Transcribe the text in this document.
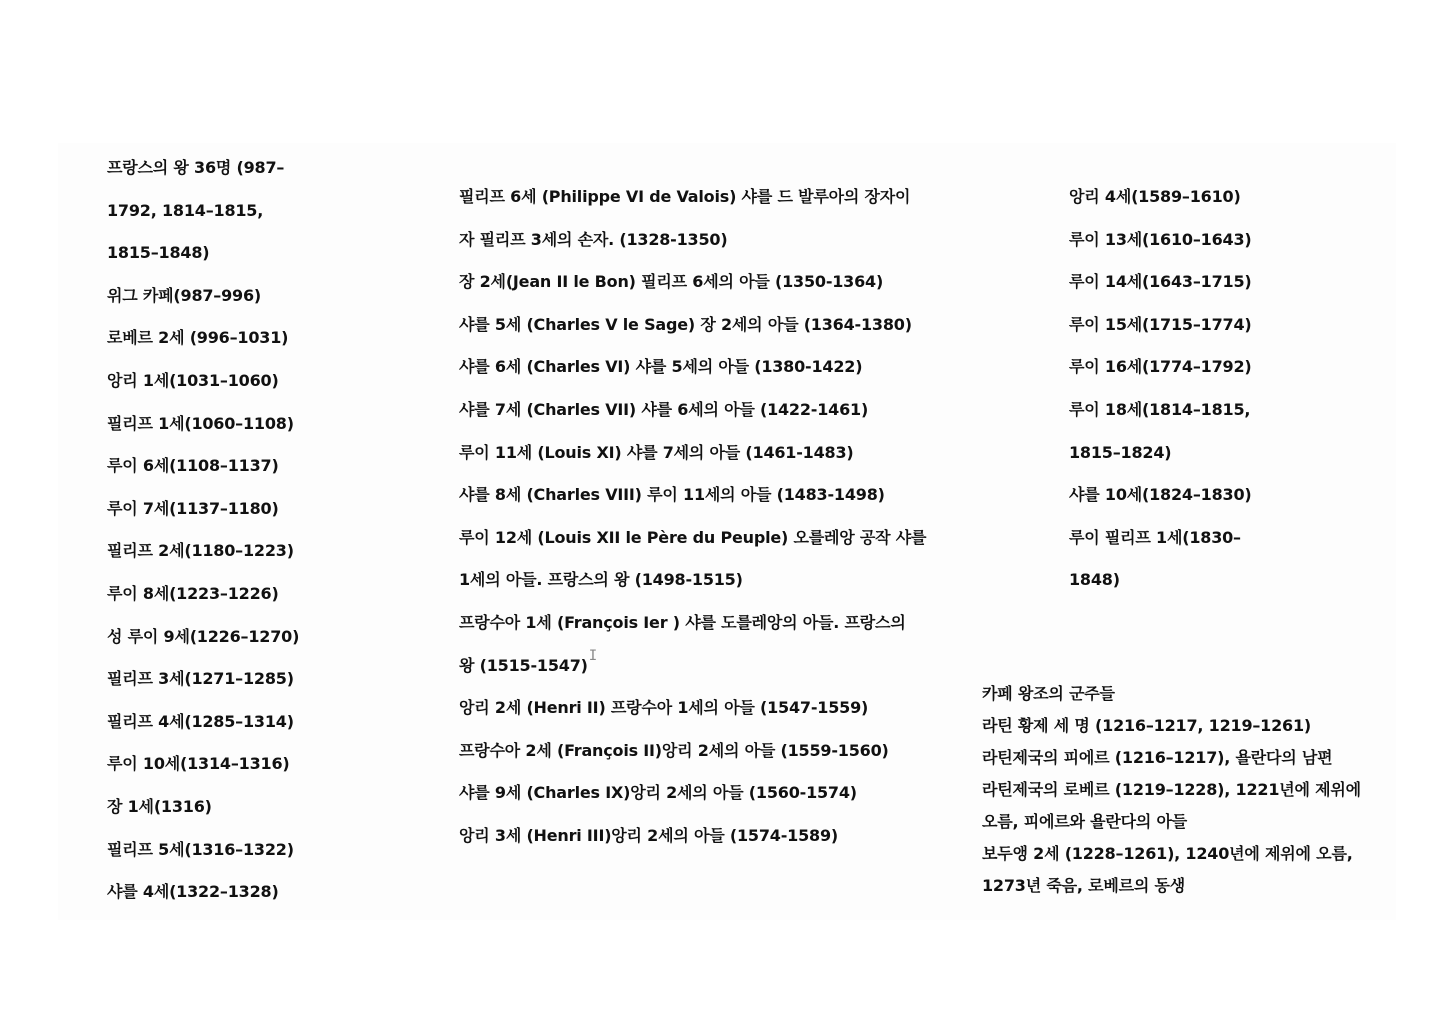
프랑스의 왕 36명 (987–
1792, 1814–1815,
1815–1848)
위그 카페(987–996)
로베르 2세 (996–1031)
앙리 1세(1031–1060)
필리프 1세(1060–1108)
루이 6세(1108–1137)
루이 7세(1137–1180)
필리프 2세(1180–1223)
루이 8세(1223–1226)
성 루이 9세(1226–1270)
필리프 3세(1271–1285)
필리프 4세(1285–1314)
루이 10세(1314–1316)
장 1세(1316)
필리프 5세(1316–1322)
샤를 4세(1322–1328)
필리프 6세 (Philippe VI de Valois) 샤를 드 발루아의 장자이
자 필리프 3세의 손자. (1328-1350)
장 2세(Jean II le Bon) 필리프 6세의 아들 (1350-1364)
샤를 5세 (Charles V le Sage) 장 2세의 아들 (1364-1380)
샤를 6세 (Charles VI) 샤를 5세의 아들 (1380-1422)
샤를 7세 (Charles VII) 샤를 6세의 아들 (1422-1461)
루이 11세 (Louis XI) 샤를 7세의 아들 (1461-1483)
샤를 8세 (Charles VIII) 루이 11세의 아들 (1483-1498)
루이 12세 (Louis XII le Père du Peuple) 오를레앙 공작 샤를
1세의 아들. 프랑스의 왕 (1498-1515)
프랑수아 1세 (François Ier ) 샤를 도를레앙의 아들. 프랑스의
왕 (1515-1547)
앙리 2세 (Henri II) 프랑수아 1세의 아들 (1547-1559)
프랑수아 2세 (François II)앙리 2세의 아들 (1559-1560)
샤를 9세 (Charles IX)앙리 2세의 아들 (1560-1574)
앙리 3세 (Henri III)앙리 2세의 아들 (1574-1589)
앙리 4세(1589–1610)
루이 13세(1610–1643)
루이 14세(1643–1715)
루이 15세(1715–1774)
루이 16세(1774–1792)
루이 18세(1814–1815,
1815–1824)
샤를 10세(1824–1830)
루이 필리프 1세(1830–
1848)
카페 왕조의 군주들
라틴 황제 세 명 (1216–1217, 1219–1261)
라틴제국의 피에르 (1216–1217), 욜란다의 남편
라틴제국의 로베르 (1219–1228), 1221년에 제위에
오름, 피에르와 욜란다의 아들
보두앵 2세 (1228–1261), 1240년에 제위에 오름,
1273년 죽음, 로베르의 동생
I
